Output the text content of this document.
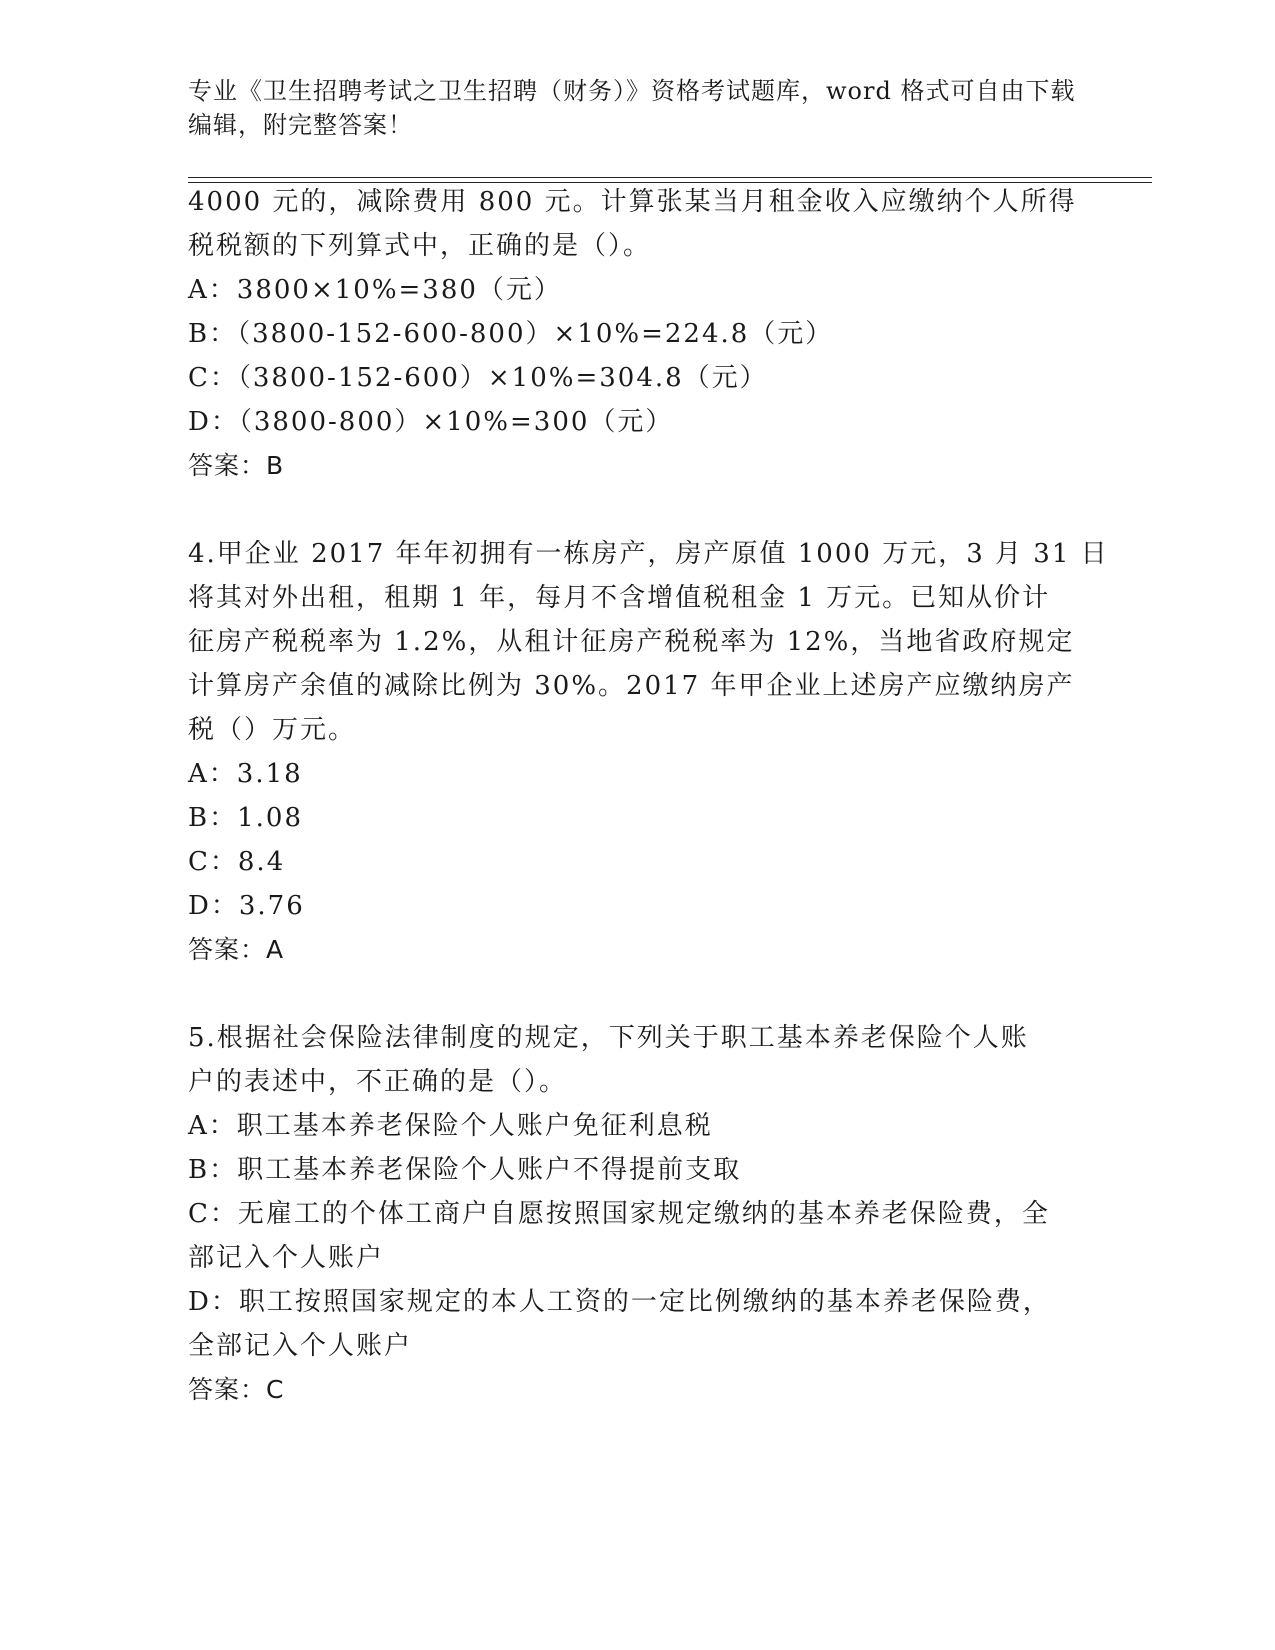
专业《卫生招聘考试之卫生招聘（财务）》资格考试题库，word 格式可自由下载
编辑，附完整答案！
4000 元的，减除费用 800 元。计算张某当月租金收入应缴纳个人所得
税税额的下列算式中，正确的是（）。
A：3800×10%=380（元）
B：（3800-152-600-800）×10%=224.8（元）
C：（3800-152-600）×10%=304.8（元）
D：（3800-800）×10%=300（元）
答案：B
4.甲企业 2017 年年初拥有一栋房产，房产原值 1000 万元，3 月 31 日
将其对外出租，租期 1 年，每月不含增值税租金 1 万元。已知从价计
征房产税税率为 1.2%，从租计征房产税税率为 12%，当地省政府规定
计算房产余值的减除比例为 30%。2017 年甲企业上述房产应缴纳房产
税（）万元。
A：3.18
B：1.08
C：8.4
D：3.76
答案：A
5.根据社会保险法律制度的规定，下列关于职工基本养老保险个人账
户的表述中，不正确的是（）。
A：职工基本养老保险个人账户免征利息税
B：职工基本养老保险个人账户不得提前支取
C：无雇工的个体工商户自愿按照国家规定缴纳的基本养老保险费，全
部记入个人账户
D：职工按照国家规定的本人工资的一定比例缴纳的基本养老保险费，
全部记入个人账户
答案：C
